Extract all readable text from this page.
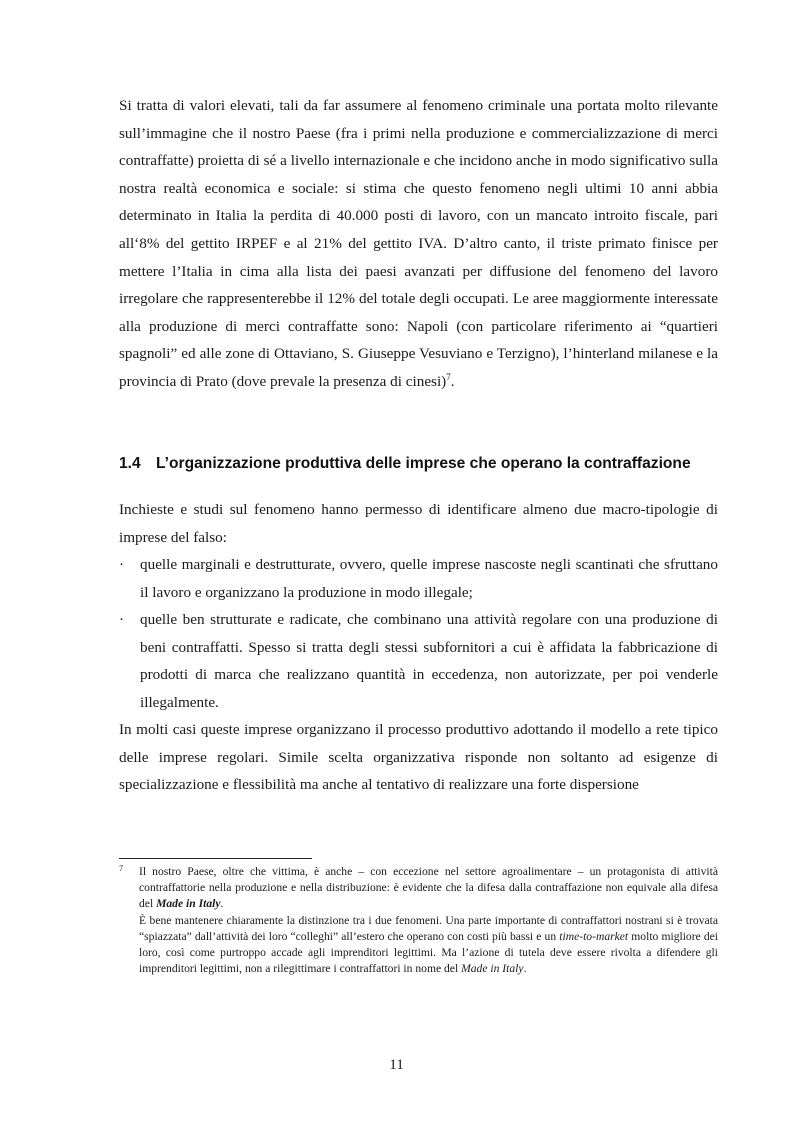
Si tratta di valori elevati, tali da far assumere al fenomeno criminale una portata molto rilevante sull’immagine che il nostro Paese (fra i primi nella produzione e commercializzazione di merci contraffatte) proietta di sé a livello internazionale e che incidono anche in modo significativo sulla nostra realtà economica e sociale: si stima che questo fenomeno negli ultimi 10 anni abbia determinato in Italia la perdita di 40.000 posti di lavoro, con un mancato introito fiscale, pari all‘8% del gettito IRPEF e al 21% del gettito IVA. D’altro canto, il triste primato finisce per mettere l’Italia in cima alla lista dei paesi avanzati per diffusione del fenomeno del lavoro irregolare che rappresenterebbe il 12% del totale degli occupati. Le aree maggiormente interessate alla produzione di merci contraffatte sono: Napoli (con particolare riferimento ai “quartieri spagnoli” ed alle zone di Ottaviano, S. Giuseppe Vesuviano e Terzigno), l’hinterland milanese e la provincia di Prato (dove prevale la presenza di cinesi)$^7$.

1.4 L’organizzazione produttiva delle imprese che operano la contraffazione

Inchieste e studi sul fenomeno hanno permesso di identificare almeno due macro-tipologie di imprese del falso:

·	quelle marginali e destrutturate, ovvero, quelle imprese nascoste negli scantinati che sfruttano il lavoro e organizzano la produzione in modo illegale;
·	quelle ben strutturate e radicate, che combinano una attività regolare con una produzione di beni contraffatti. Spesso si tratta degli stessi subfornitori a cui è affidata la fabbricazione di prodotti di marca che realizzano quantità in eccedenza, non autorizzate, per poi venderle illegalmente.

In molti casi queste imprese organizzano il processo produttivo adottando il modello a rete tipico delle imprese regolari. Simile scelta organizzativa risponde non soltanto ad esigenze di specializzazione e flessibilità ma anche al tentativo di realizzare una forte dispersione

7 Il nostro Paese, oltre che vittima, è anche – con eccezione nel settore agroalimentare – un protagonista di attività contraffattorie nella produzione e nella distribuzione: è evidente che la difesa dalla contraffazione non equivale alla difesa del Made in Italy.

È bene mantenere chiaramente la distinzione tra i due fenomeni. Una parte importante di contraffattori nostrani si è trovata “spiazzata” dall’attività dei loro “colleghi” all’estero che operano con costi più bassi e un time-to-market molto migliore dei loro, così come purtroppo accade agli imprenditori legittimi. Ma l’azione di tutela deve essere rivolta a difendere gli imprenditori legittimi, non a rilegittimare i contraffattori in nome del Made in Italy.

11
